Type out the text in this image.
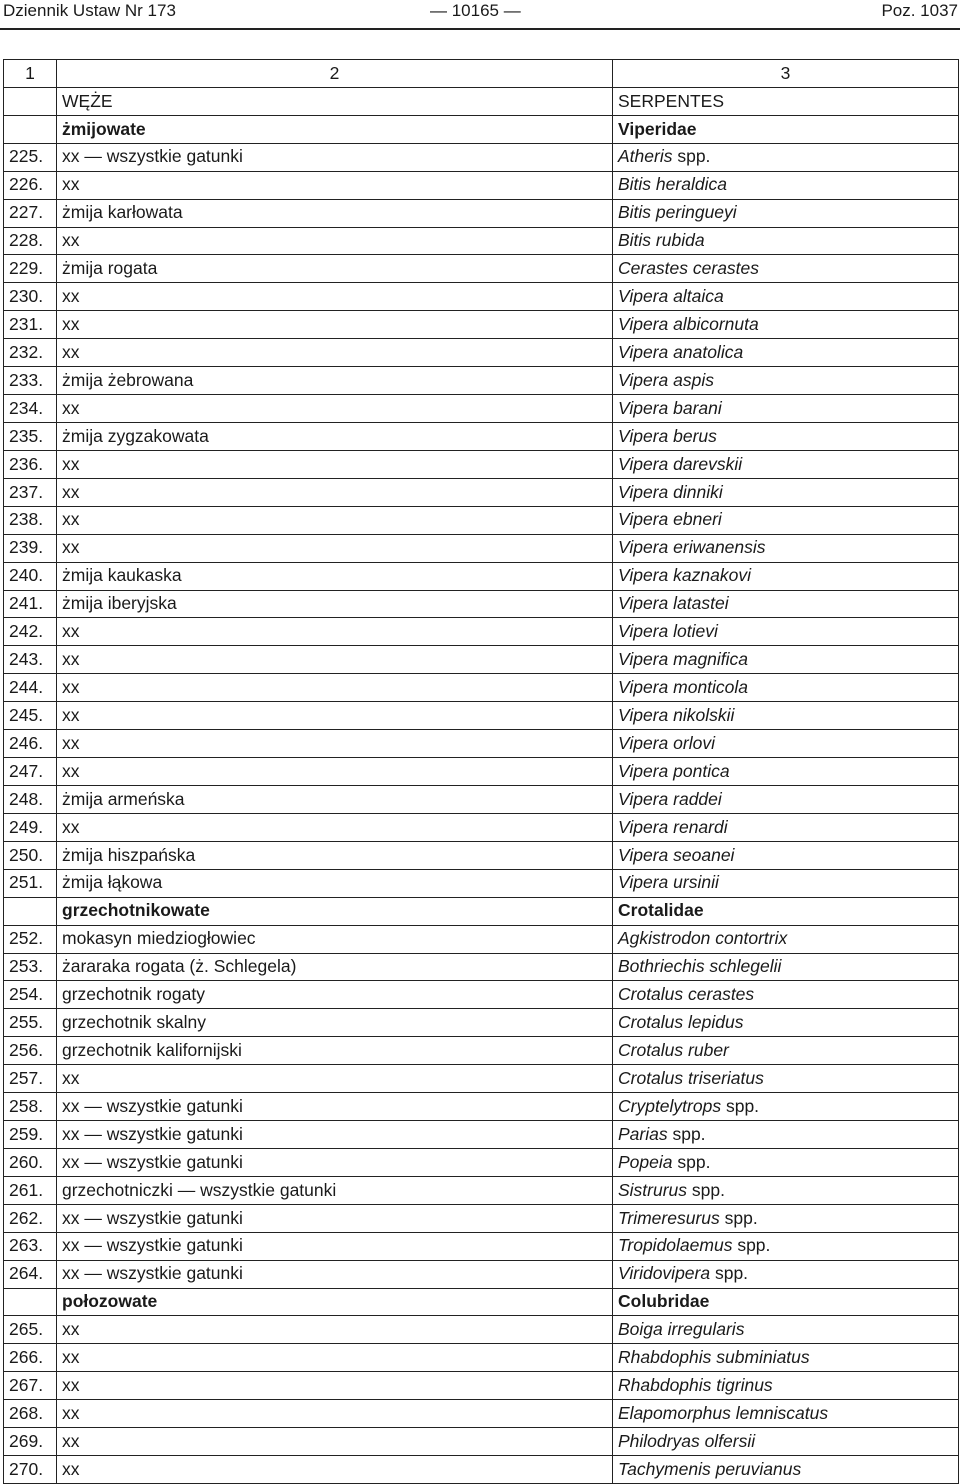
Dziennik Ustaw Nr 173	— 10165 —	Poz. 1037
1	2	3
	WĘŻE	SERPENTES
	żmijowate	Viperidae
225.	xx — wszystkie gatunki	Atheris spp.
226.	xx	Bitis heraldica
227.	żmija karłowata	Bitis peringueyi
228.	xx	Bitis rubida
229.	żmija rogata	Cerastes cerastes
230.	xx	Vipera altaica
231.	xx	Vipera albicornuta
232.	xx	Vipera anatolica
233.	żmija żebrowana	Vipera aspis
234.	xx	Vipera barani
235.	żmija zygzakowata	Vipera berus
236.	xx	Vipera darevskii
237.	xx	Vipera dinniki
238.	xx	Vipera ebneri
239.	xx	Vipera eriwanensis
240.	żmija kaukaska	Vipera kaznakovi
241.	żmija iberyjska	Vipera latastei
242.	xx	Vipera lotievi
243.	xx	Vipera magnifica
244.	xx	Vipera monticola
245.	xx	Vipera nikolskii
246.	xx	Vipera orlovi
247.	xx	Vipera pontica
248.	żmija armeńska	Vipera raddei
249.	xx	Vipera renardi
250.	żmija hiszpańska	Vipera seoanei
251.	żmija łąkowa	Vipera ursinii
	grzechotnikowate	Crotalidae
252.	mokasyn miedziogłowiec	Agkistrodon contortrix
253.	żararaka rogata (ż. Schlegela)	Bothriechis schlegelii
254.	grzechotnik rogaty	Crotalus cerastes
255.	grzechotnik skalny	Crotalus lepidus
256.	grzechotnik kalifornijski	Crotalus ruber
257.	xx	Crotalus triseriatus
258.	xx — wszystkie gatunki	Cryptelytrops spp.
259.	xx — wszystkie gatunki	Parias spp.
260.	xx — wszystkie gatunki	Popeia spp.
261.	grzechotniczki — wszystkie gatunki	Sistrurus spp.
262.	xx — wszystkie gatunki	Trimeresurus spp.
263.	xx — wszystkie gatunki	Tropidolaemus spp.
264.	xx — wszystkie gatunki	Viridovipera spp.
	połozowate	Colubridae
265.	xx	Boiga irregularis
266.	xx	Rhabdophis subminiatus
267.	xx	Rhabdophis tigrinus
268.	xx	Elapomorphus lemniscatus
269.	xx	Philodryas olfersii
270.	xx	Tachymenis peruvianus
